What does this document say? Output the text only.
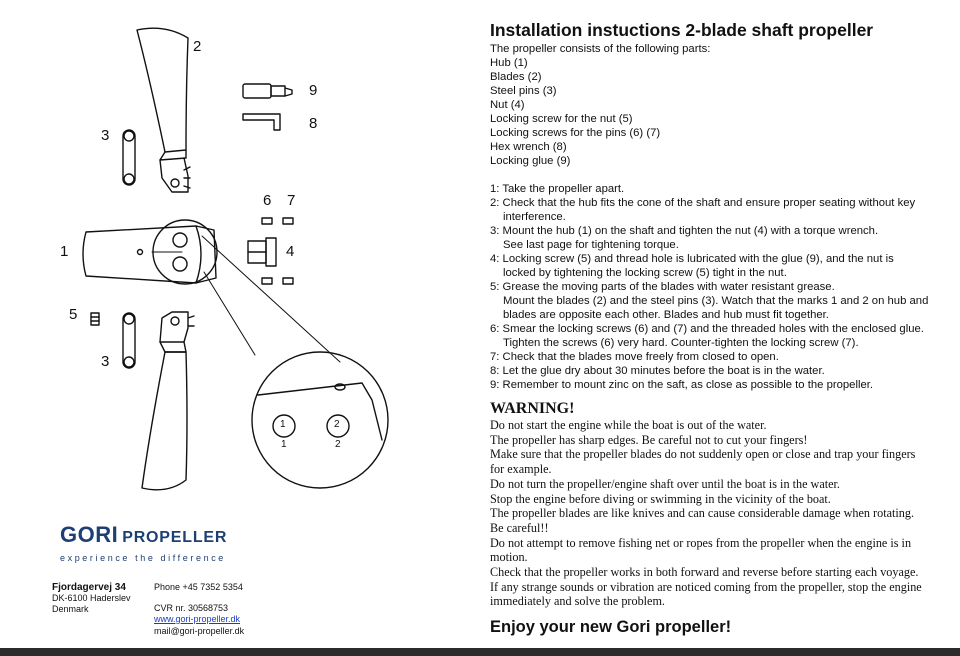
2
3
3
1
5
6 7
4
9
8
1
1
2
2
GORI PROPELLER
experience the difference
Fjordagervej 34
DK-6100 Haderslev
Denmark
Phone +45 7352 5354
CVR nr. 30568753
www.gori-propeller.dk
mail@gori-propeller.dk
Installation instuctions 2-blade shaft propeller
The propeller consists of the following parts:
Hub (1)
Blades (2)
Steel pins (3)
Nut (4)
Locking screw for the nut (5)
Locking screws for the pins (6) (7)
Hex wrench (8)
Locking glue (9)
1: Take the propeller apart.
2: Check that the hub fits the cone of the shaft and ensure proper seating without key
interference.
3: Mount the hub (1) on the shaft and tighten the nut (4) with a torque wrench.
See last page for tightening torque.
4: Locking screw (5) and thread hole is lubricated with the glue (9), and the nut is
locked by tightening the locking screw (5) tight in the nut.
5: Grease the moving parts of the blades with water resistant grease.
Mount the blades (2) and the steel pins (3). Watch that the marks 1 and 2 on hub and
blades are opposite each other. Blades and hub must fit together.
6: Smear the locking screws (6) and (7) and the threaded holes with the enclosed glue.
Tighten the screws (6) very hard. Counter-tighten the locking screw (7).
7: Check that the blades move freely from closed to open.
8: Let the glue dry about 30 minutes before the boat is in the water.
9: Remember to mount zinc on the saft, as close as possible to the propeller.
WARNING!
Do not start the engine while the boat is out of the water.
The propeller has sharp edges. Be careful not to cut your fingers!
Make sure that the propeller blades do not suddenly open or close and trap your fingers
for example.
Do not turn the propeller/engine shaft over until the boat is in the water.
Stop the engine before diving or swimming in the vicinity of the boat.
The propeller blades are like knives and can cause considerable damage when rotating.
Be careful!!
Do not attempt to remove fishing net or ropes from the propeller when the engine is in
motion.
Check that the propeller works in both forward and reverse before starting each voyage.
If any strange sounds or vibration are noticed coming from the propeller, stop the engine
immediately and solve the problem.
Enjoy your new Gori propeller!
